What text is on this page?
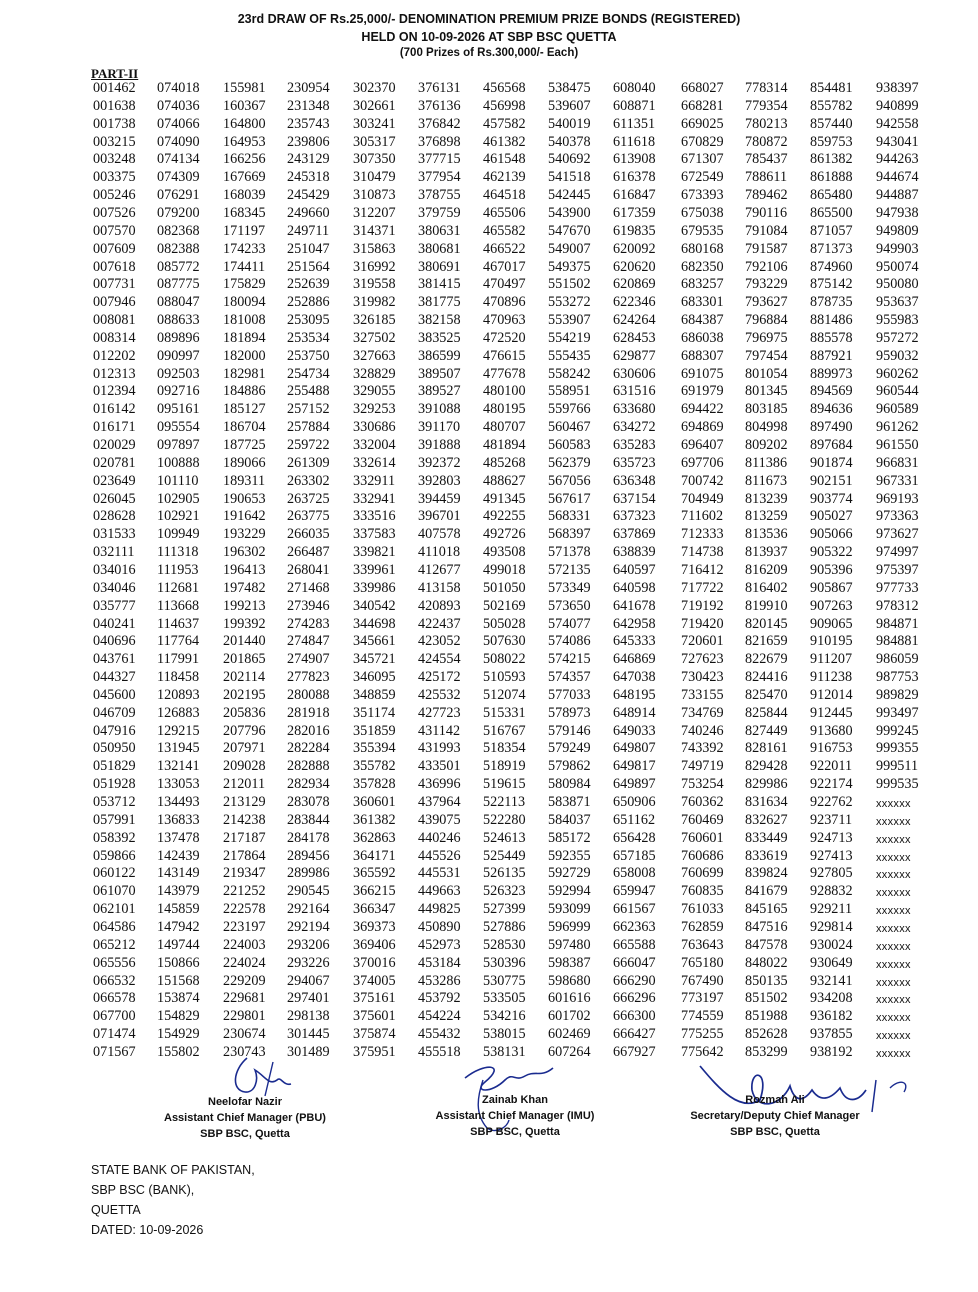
23rd DRAW OF Rs.25,000/- DENOMINATION PREMIUM PRIZE BONDS (REGISTERED)
HELD ON 10-09-2026 AT SBP BSC QUETTA
(700 Prizes of Rs.300,000/- Each)
PART-II
001462
001638
001738
003215
003248
003375
005246
007526
007570
007609
007618
007731
007946
008081
008314
012202
012313
012394
016142
016171
020029
020781
023649
026045
028628
031533
032111
034016
034046
035777
040241
040696
043761
044327
045600
046709
047916
050950
051829
051928
053712
057991
058392
059866
060122
061070
062101
064586
065212
065556
066532
066578
067700
071474
071567
074018
074036
074066
074090
074134
074309
076291
079200
082368
082388
085772
087775
088047
088633
089896
090997
092503
092716
095161
095554
097897
100888
101110
102905
102921
109949
111318
111953
112681
113668
114637
117764
117991
118458
120893
126883
129215
131945
132141
133053
134493
136833
137478
142439
143149
143979
145859
147942
149744
150866
151568
153874
154829
154929
155802
155981
160367
164800
164953
166256
167669
168039
168345
171197
174233
174411
175829
180094
181008
181894
182000
182981
184886
185127
186704
187725
189066
189311
190653
191642
193229
196302
196413
197482
199213
199392
201440
201865
202114
202195
205836
207796
207971
209028
212011
213129
214238
217187
217864
219347
221252
222578
223197
224003
224024
229209
229681
229801
230674
230743
230954
231348
235743
239806
243129
245318
245429
249660
249711
251047
251564
252639
252886
253095
253534
253750
254734
255488
257152
257884
259722
261309
263302
263725
263775
266035
266487
268041
271468
273946
274283
274847
274907
277823
280088
281918
282016
282284
282888
282934
283078
283844
284178
289456
289986
290545
292164
292194
293206
293226
294067
297401
298138
301445
301489
302370
302661
303241
305317
307350
310479
310873
312207
314371
315863
316992
319558
319982
326185
327502
327663
328829
329055
329253
330686
332004
332614
332911
332941
333516
337583
339821
339961
339986
340542
344698
345661
345721
346095
348859
351174
351859
355394
355782
357828
360601
361382
362863
364171
365592
366215
366347
369373
369406
370016
374005
375161
375601
375874
375951
376131
376136
376842
376898
377715
377954
378755
379759
380631
380681
380691
381415
381775
382158
383525
386599
389507
389527
391088
391170
391888
392372
392803
394459
396701
407578
411018
412677
413158
420893
422437
423052
424554
425172
425532
427723
431142
431993
433501
436996
437964
439075
440246
445526
445531
449663
449825
450890
452973
453184
453286
453792
454224
455432
455518
456568
456998
457582
461382
461548
462139
464518
465506
465582
466522
467017
470497
470896
470963
472520
476615
477678
480100
480195
480707
481894
485268
488627
491345
492255
492726
493508
499018
501050
502169
505028
507630
508022
510593
512074
515331
516767
518354
518919
519615
522113
522280
524613
525449
526135
526323
527399
527886
528530
530396
530775
533505
534216
538015
538131
538475
539607
540019
540378
540692
541518
542445
543900
547670
549007
549375
551502
553272
553907
554219
555435
558242
558951
559766
560467
560583
562379
567056
567617
568331
568397
571378
572135
573349
573650
574077
574086
574215
574357
577033
578973
579146
579249
579862
580984
583871
584037
585172
592355
592729
592994
593099
596999
597480
598387
598680
601616
601702
602469
607264
608040
608871
611351
611618
613908
616378
616847
617359
619835
620092
620620
620869
622346
624264
628453
629877
630606
631516
633680
634272
635283
635723
636348
637154
637323
637869
638839
640597
640598
641678
642958
645333
646869
647038
648195
648914
649033
649807
649817
649897
650906
651162
656428
657185
658008
659947
661567
662363
665588
666047
666290
666296
666300
666427
667927
668027
668281
669025
670829
671307
672549
673393
675038
679535
680168
682350
683257
683301
684387
686038
688307
691075
691979
694422
694869
696407
697706
700742
704949
711602
712333
714738
716412
717722
719192
719420
720601
727623
730423
733155
734769
740246
743392
749719
753254
760362
760469
760601
760686
760699
760835
761033
762859
763643
765180
767490
773197
774559
775255
775642
778314
779354
780213
780872
785437
788611
789462
790116
791084
791587
792106
793229
793627
796884
796975
797454
801054
801345
803185
804998
809202
811386
811673
813239
813259
813536
813937
816209
816402
819910
820145
821659
822679
824416
825470
825844
827449
828161
829428
829986
831634
832627
833449
833619
839824
841679
845165
847516
847578
848022
850135
851502
851988
852628
853299
854481
855782
857440
859753
861382
861888
865480
865500
871057
871373
874960
875142
878735
881486
885578
887921
889973
894569
894636
897490
897684
901874
902151
903774
905027
905066
905322
905396
905867
907263
909065
910195
911207
911238
912014
912445
913680
916753
922011
922174
922762
923711
924713
927413
927805
928832
929211
929814
930024
930649
932141
934208
936182
937855
938192
938397
940899
942558
943041
944263
944674
944887
947938
949809
949903
950074
950080
953637
955983
957272
959032
960262
960544
960589
961262
961550
966831
967331
969193
973363
973627
974997
975397
977733
978312
984871
984881
986059
987753
989829
993497
999245
999355
999511
999535
xxxxxx
xxxxxx
xxxxxx
xxxxxx
xxxxxx
xxxxxx
xxxxxx
xxxxxx
xxxxxx
xxxxxx
xxxxxx
xxxxxx
xxxxxx
xxxxxx
xxxxxx
Neelofar Nazir
Assistant Chief Manager (PBU)
SBP BSC, Quetta
Zainab Khan
Assistant Chief Manager (IMU)
SBP BSC, Quetta
Rozmah Ali
Secretary/Deputy Chief Manager
SBP BSC, Quetta
STATE BANK OF PAKISTAN,
SBP BSC (BANK),
QUETTA
DATED: 10-09-2026
